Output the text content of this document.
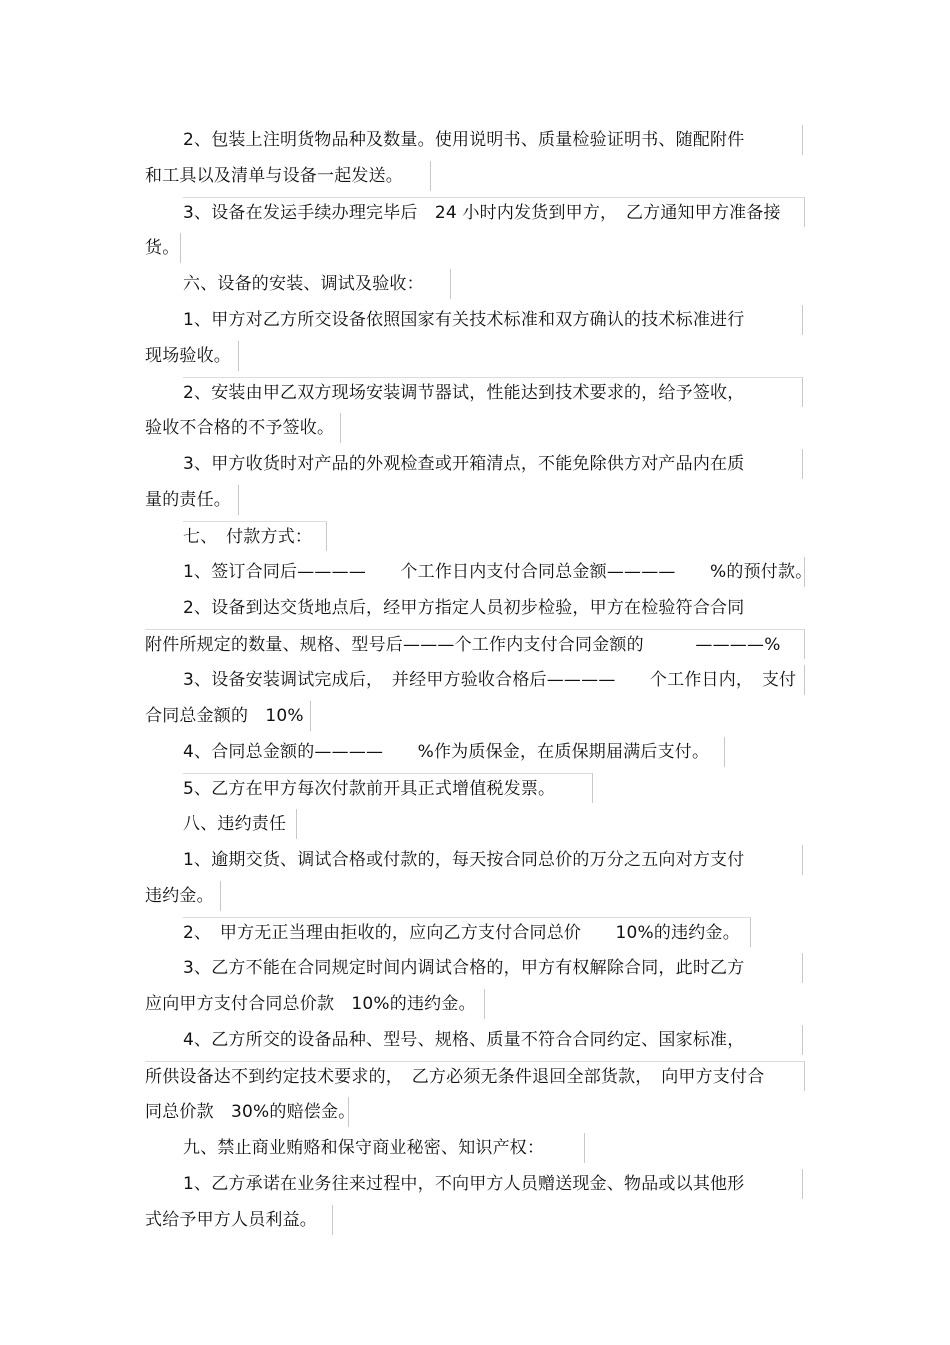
2、包装上注明货物品种及数量。使用说明书、质量检验证明书、随配附件
和工具以及清单与设备一起发送。
3、设备在发运手续办理完毕后　24 小时内发货到甲方，　乙方通知甲方准备接
货。
六、设备的安装、调试及验收：
1、甲方对乙方所交设备依照国家有关技术标准和双方确认的技术标准进行
现场验收。
2、安装由甲乙双方现场安装调节器试，性能达到技术要求的，给予签收，
验收不合格的不予签收。
3、甲方收货时对产品的外观检查或开箱清点，不能免除供方对产品内在质
量的责任。
七、　付款方式：
1、签订合同后————　　个工作日内支付合同总金额————　　%的预付款。
2、设备到达交货地点后，经甲方指定人员初步检验，甲方在检验符合合同
附件所规定的数量、规格、型号后———个工作内支付合同金额的　　　————%
3、设备安装调试完成后，　并经甲方验收合格后————　　个工作日内，　支付
合同总金额的　10%
4、合同总金额的————　　%作为质保金，在质保期届满后支付。
5、乙方在甲方每次付款前开具正式增值税发票。
八、违约责任
1、逾期交货、调试合格或付款的，每天按合同总价的万分之五向对方支付
违约金。
2、　甲方无正当理由拒收的，应向乙方支付合同总价　　10%的违约金。
3、乙方不能在合同规定时间内调试合格的，甲方有权解除合同，此时乙方
应向甲方支付合同总价款　10%的违约金。
4、乙方所交的设备品种、型号、规格、质量不符合合同约定、国家标准，
所供设备达不到约定技术要求的，　乙方必须无条件退回全部货款，　向甲方支付合
同总价款　30%的赔偿金。
九、禁止商业贿赂和保守商业秘密、知识产权：
1、乙方承诺在业务往来过程中，不向甲方人员赠送现金、物品或以其他形
式给予甲方人员利益。
